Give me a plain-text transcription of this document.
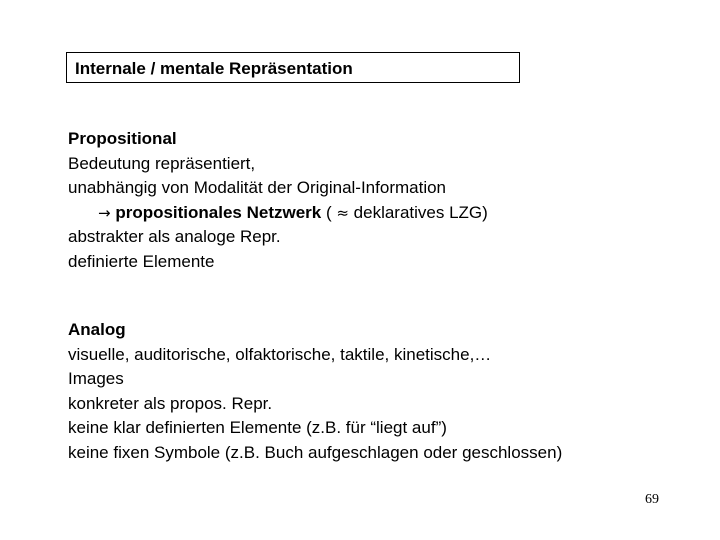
Internale / mentale Repräsentation
Propositional
Bedeutung repräsentiert,
unabhängig von Modalität der Original-Information
→ propositionales Netzwerk ( ≈ deklaratives LZG)
abstrakter als analoge Repr.
definierte Elemente
Analog
visuelle, auditorische, olfaktorische, taktile, kinetische,…
Images
konkreter als propos. Repr.
keine klar definierten Elemente (z.B. für “liegt auf”)
keine fixen Symbole (z.B. Buch aufgeschlagen oder geschlossen)
69
